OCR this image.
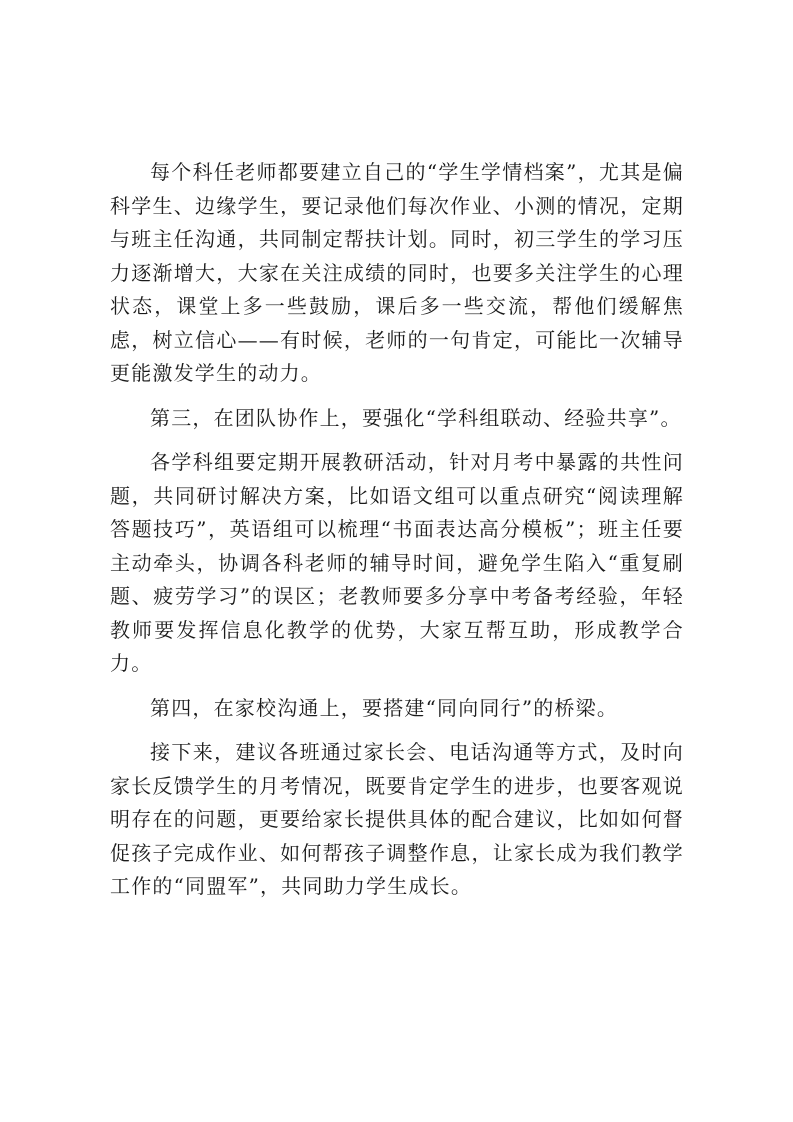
每个科任老师都要建立自己的“学生学情档案”，尤其是偏科学生、边缘学生，要记录他们每次作业、小测的情况，定期与班主任沟通，共同制定帮扶计划。同时，初三学生的学习压力逐渐增大，大家在关注成绩的同时，也要多关注学生的心理状态，课堂上多一些鼓励，课后多一些交流，帮他们缓解焦虑，树立信心——有时候，老师的一句肯定，可能比一次辅导更能激发学生的动力。

第三，在团队协作上，要强化“学科组联动、经验共享”。

各学科组要定期开展教研活动，针对月考中暴露的共性问题，共同研讨解决方案，比如语文组可以重点研究“阅读理解答题技巧”，英语组可以梳理“书面表达高分模板”；班主任要主动牵头，协调各科老师的辅导时间，避免学生陷入“重复刷题、疲劳学习”的误区；老教师要多分享中考备考经验，年轻教师要发挥信息化教学的优势，大家互帮互助，形成教学合力。

第四，在家校沟通上，要搭建“同向同行”的桥梁。

接下来，建议各班通过家长会、电话沟通等方式，及时向家长反馈学生的月考情况，既要肯定学生的进步，也要客观说明存在的问题，更要给家长提供具体的配合建议，比如如何督促孩子完成作业、如何帮孩子调整作息，让家长成为我们教学工作的“同盟军”，共同助力学生成长。
